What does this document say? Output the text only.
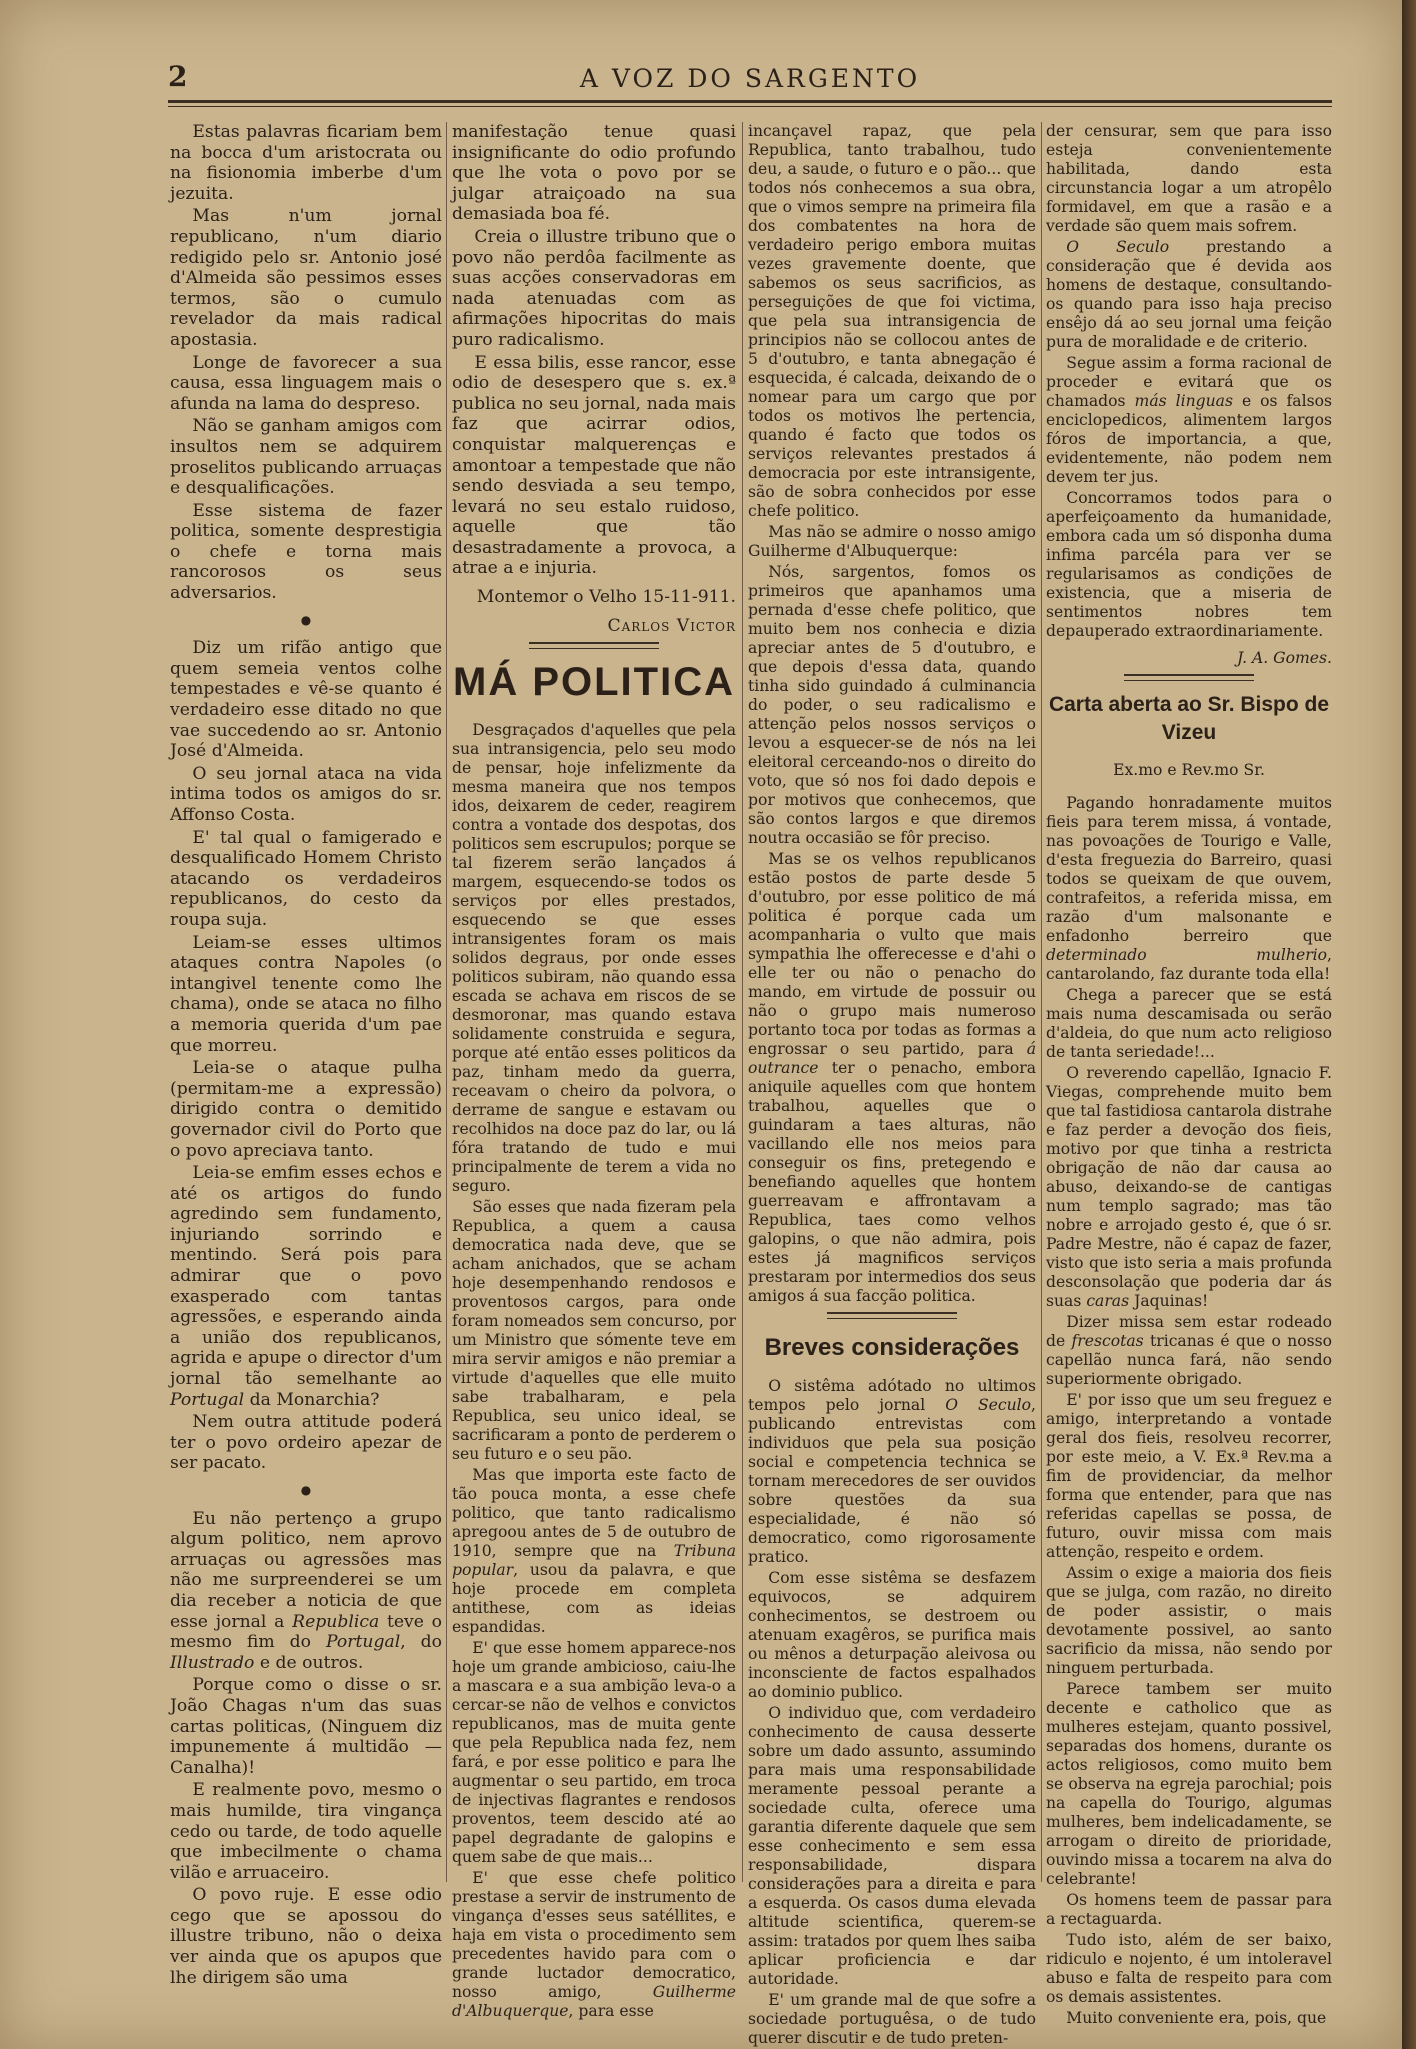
2	A VOZ DO SARGENTO

Estas palavras ficariam bem na bocca d'um aristocrata ou na fisionomia imberbe d'um jezuita.

Mas n'um jornal republicano, n'um diario redigido pelo sr. Antonio josé d'Almeida são pessimos esses termos, são o cumulo revelador da mais radical apostasia.

Longe de favorecer a sua causa, essa linguagem mais o afunda na lama do despreso.

Não se ganham amigos com insultos nem se adquirem proselitos publicando arruaças e desqualificações.

Esse sistema de fazer politica, somente desprestigia o chefe e torna mais rancorosos os seus adversarios.

●

Diz um rifão antigo que quem semeia ventos colhe tempestades e vê-se quanto é verdadeiro esse ditado no que vae succedendo ao sr. Antonio José d'Almeida.

O seu jornal ataca na vida intima todos os amigos do sr. Affonso Costa.

E' tal qual o famigerado e desqualificado Homem Christo atacando os verdadeiros republicanos, do cesto da roupa suja.

Leiam-se esses ultimos ataques contra Napoles (o intangivel tenente como lhe chama), onde se ataca no filho a memoria querida d'um pae que morreu.

Leia-se o ataque pulha (permitam-me a expressão) dirigido contra o demitido governador civil do Porto que o povo apreciava tanto.

Leia-se emfim esses echos e até os artigos do fundo agredindo sem fundamento, injuriando sorrindo e mentindo. Será pois para admirar que o povo exasperado com tantas agressões, e esperando ainda a união dos republicanos, agrida e apupe o director d'um jornal tão semelhante ao Portugal da Monarchia?

Nem outra attitude poderá ter o povo ordeiro apezar de ser pacato.

●

Eu não pertenço a grupo algum politico, nem aprovo arruaças ou agressões mas não me surpreenderei se um dia receber a noticia de que esse jornal a Republica teve o mesmo fim do Portugal, do Illustrado e de outros.

Porque como o disse o sr. João Chagas n'um das suas cartas politicas, (Ninguem diz impunemente á multidão — Canalha)!

E realmente povo, mesmo o mais humilde, tira vingança cedo ou tarde, de todo aquelle que imbecilmente o chama vilão e arruaceiro.

O povo ruje. E esse odio cego que se apossou do illustre tribuno, não o deixa ver ainda que os apupos que lhe dirigem são uma

manifestação tenue quasi insignificante do odio profundo que lhe vota o povo por se julgar atraiçoado na sua demasiada boa fé.

Creia o illustre tribuno que o povo não perdôa facilmente as suas acções conservadoras em nada atenuadas com as afirmações hipocritas do mais puro radicalismo.

E essa bilis, esse rancor, esse odio de desespero que s. ex.ª publica no seu jornal, nada mais faz que acirrar odios, conquistar malquerenças e amontoar a tempestade que não sendo desviada a seu tempo, levará no seu estalo ruidoso, aquelle que tão desastradamente a provoca, a atrae a e injuria.

Montemor o Velho 15-11-911.
Carlos Victor
MÁ POLITICA

Desgraçados d'aquelles que pela sua intransigencia, pelo seu modo de pensar, hoje infelizmente da mesma maneira que nos tempos idos, deixarem de ceder, reagirem contra a vontade dos despotas, dos politicos sem escrupulos; porque se tal fizerem serão lançados á margem, esquecendo-se todos os serviços por elles prestados, esquecendo se que esses intransigentes foram os mais solidos degraus, por onde esses politicos subiram, não quando essa escada se achava em riscos de se desmoronar, mas quando estava solidamente construida e segura, porque até então esses politicos da paz, tinham medo da guerra, receavam o cheiro da polvora, o derrame de sangue e estavam ou recolhidos na doce paz do lar, ou lá fóra tratando de tudo e mui principalmente de terem a vida no seguro.

São esses que nada fizeram pela Republica, a quem a causa democratica nada deve, que se acham anichados, que se acham hoje desempenhando rendosos e proventosos cargos, para onde foram nomeados sem concurso, por um Ministro que sómente teve em mira servir amigos e não premiar a virtude d'aquelles que elle muito sabe trabalharam, e pela Republica, seu unico ideal, se sacrificaram a ponto de perderem o seu futuro e o seu pão.

Mas que importa este facto de tão pouca monta, a esse chefe politico, que tanto radicalismo apregoou antes de 5 de outubro de 1910, sempre que na Tribuna popular, usou da palavra, e que hoje procede em completa antithese, com as ideias espandidas.

E' que esse homem apparece-nos hoje um grande ambicioso, caiu-lhe a mascara e a sua ambição leva-o a cercar-se não de velhos e convictos republicanos, mas de muita gente que pela Republica nada fez, nem fará, e por esse politico e para lhe augmentar o seu partido, em troca de injectivas flagrantes e rendosos proventos, teem descido até ao papel degradante de galopins e quem sabe de que mais...

E' que esse chefe politico prestase a servir de instrumento de vingança d'esses seus satéllites, e haja em vista o procedimento sem precedentes havido para com o grande luctador democratico, nosso amigo, Guilherme d'Albuquerque, para esse

incançavel rapaz, que pela Republica, tanto trabalhou, tudo deu, a saude, o futuro e o pão... que todos nós conhecemos a sua obra, que o vimos sempre na primeira fila dos combatentes na hora de verdadeiro perigo embora muitas vezes gravemente doente, que sabemos os seus sacrificios, as perseguições de que foi victima, que pela sua intransigencia de principios não se collocou antes de 5 d'outubro, e tanta abnegação é esquecida, é calcada, deixando de o nomear para um cargo que por todos os motivos lhe pertencia, quando é facto que todos os serviços relevantes prestados á democracia por este intransigente, são de sobra conhecidos por esse chefe politico.

Mas não se admire o nosso amigo Guilherme d'Albuquerque:

Nós, sargentos, fomos os primeiros que apanhamos uma pernada d'esse chefe politico, que muito bem nos conhecia e dizia apreciar antes de 5 d'outubro, e que depois d'essa data, quando tinha sido guindado á culminancia do poder, o seu radicalismo e attenção pelos nossos serviços o levou a esquecer-se de nós na lei eleitoral cerceando-nos o direito do voto, que só nos foi dado depois e por motivos que conhecemos, que são contos largos e que diremos noutra occasião se fôr preciso.

Mas se os velhos republicanos estão postos de parte desde 5 d'outubro, por esse politico de má politica é porque cada um acompanharia o vulto que mais sympathia lhe offerecesse e d'ahi o elle ter ou não o penacho do mando, em virtude de possuir ou não o grupo mais numeroso portanto toca por todas as formas a engrossar o seu partido, para á outrance ter o penacho, embora aniquile aquelles com que hontem trabalhou, aquelles que o guindaram a taes alturas, não vacillando elle nos meios para conseguir os fins, pretegendo e benefiando aquelles que hontem guerreavam e affrontavam a Republica, taes como velhos galopins, o que não admira, pois estes já magnificos serviços prestaram por intermedios dos seus amigos á sua facção politica.

Breves considerações

O sistêma adótado no ultimos tempos pelo jornal O Seculo, publicando entrevistas com individuos que pela sua posição social e competencia technica se tornam merecedores de ser ouvidos sobre questões da sua especialidade, é não só democratico, como rigorosamente pratico.

Com esse sistêma se desfazem equivocos, se adquirem conhecimentos, se destroem ou atenuam exagêros, se purifica mais ou mênos a deturpação aleivosa ou inconsciente de factos espalhados ao dominio publico.

O individuo que, com verdadeiro conhecimento de causa desserte sobre um dado assunto, assumindo para mais uma responsabilidade meramente pessoal perante a sociedade culta, oferece uma garantia diferente daquele que sem esse conhecimento e sem essa responsabilidade, dispara considerações para a direita e para a esquerda. Os casos duma elevada altitude scientifica, querem-se assim: tratados por quem lhes saiba aplicar proficiencia e dar autoridade.

E' um grande mal de que sofre a sociedade portuguêsa, o de tudo querer discutir e de tudo preten-

der censurar, sem que para isso esteja convenientemente habilitada, dando esta circunstancia logar a um atropêlo formidavel, em que a rasão e a verdade são quem mais sofrem.

O Seculo prestando a consideração que é devida aos homens de destaque, consultando-os quando para isso haja preciso ensêjo dá ao seu jornal uma feição pura de moralidade e de criterio.

Segue assim a forma racional de proceder e evitará que os chamados más linguas e os falsos enciclopedicos, alimentem largos fóros de importancia, a que, evidentemente, não podem nem devem ter jus.

Concorramos todos para o aperfeiçoamento da humanidade, embora cada um só disponha duma infima parcéla para ver se regularisamos as condições de existencia, que a miseria de sentimentos nobres tem depauperado extraordinariamente.

J. A. Gomes.
Carta aberta ao Sr. Bispo de Vizeu
Ex.mo e Rev.mo Sr.

Pagando honradamente muitos fieis para terem missa, á vontade, nas povoações de Tourigo e Valle, d'esta freguezia do Barreiro, quasi todos se queixam de que ouvem, contrafeitos, a referida missa, em razão d'um malsonante e enfadonho berreiro que determinado mulherio, cantarolando, faz durante toda ella!

Chega a parecer que se está mais numa descamisada ou serão d'aldeia, do que num acto religioso de tanta seriedade!...

O reverendo capellão, Ignacio F. Viegas, comprehende muito bem que tal fastidiosa cantarola distrahe e faz perder a devoção dos fieis, motivo por que tinha a restricta obrigação de não dar causa ao abuso, deixando-se de cantigas num templo sagrado; mas tão nobre e arrojado gesto é, que ó sr. Padre Mestre, não é capaz de fazer, visto que isto seria a mais profunda desconsolação que poderia dar ás suas caras Jaquinas!

Dizer missa sem estar rodeado de frescotas tricanas é que o nosso capellão nunca fará, não sendo superiormente obrigado.

E' por isso que um seu freguez e amigo, interpretando a vontade geral dos fieis, resolveu recorrer, por este meio, a V. Ex.ª Rev.ma a fim de providenciar, da melhor forma que entender, para que nas referidas capellas se possa, de futuro, ouvir missa com mais attenção, respeito e ordem.

Assim o exige a maioria dos fieis que se julga, com razão, no direito de poder assistir, o mais devotamente possivel, ao santo sacrificio da missa, não sendo por ninguem perturbada.

Parece tambem ser muito decente e catholico que as mulheres estejam, quanto possivel, separadas dos homens, durante os actos religiosos, como muito bem se observa na egreja parochial; pois na capella do Tourigo, algumas mulheres, bem indelicadamente, se arrogam o direito de prioridade, ouvindo missa a tocarem na alva do celebrante!

Os homens teem de passar para a rectaguarda.

Tudo isto, além de ser baixo, ridiculo e nojento, é um intoleravel abuso e falta de respeito para com os demais assistentes.

Muito conveniente era, pois, que
